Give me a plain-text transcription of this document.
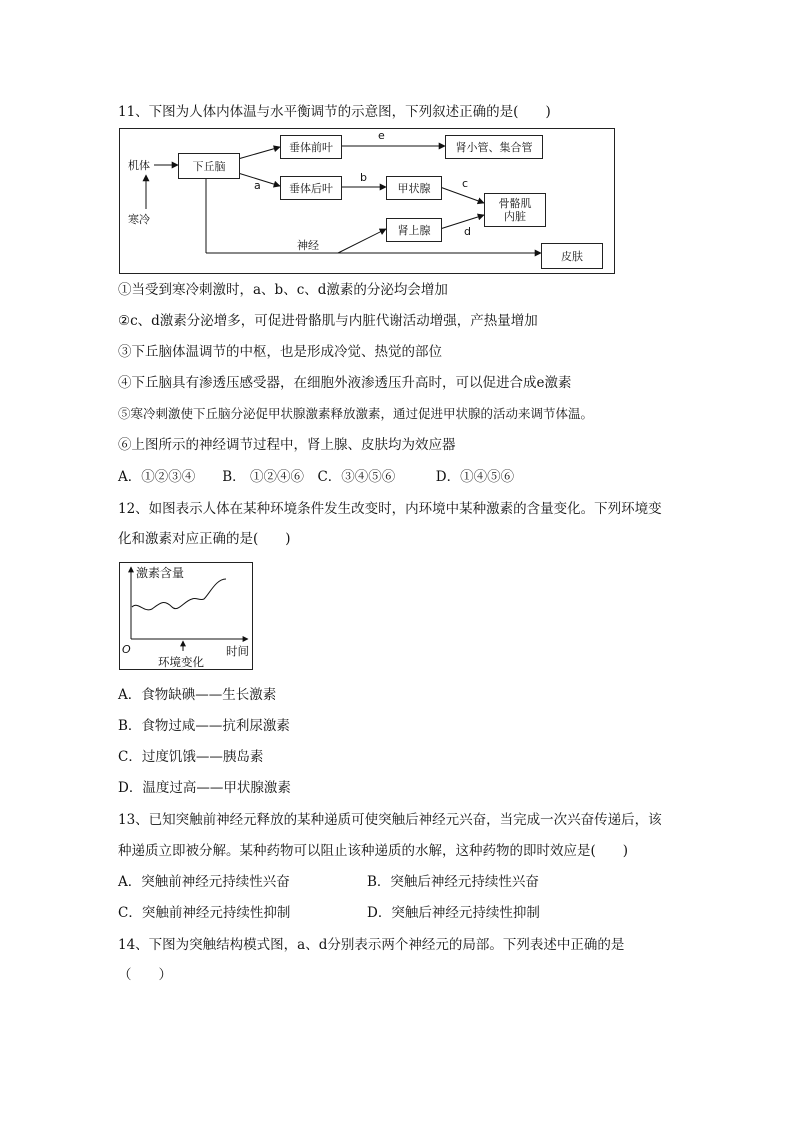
11、下图为人体内体温与水平衡调节的示意图，下列叙述正确的是(　　)
机体
寒冷
下丘脑
垂体前叶
垂体后叶
肾小管、集合管
甲状腺
肾上腺
骨骼肌
内脏
皮肤
神经
a
b	c
d
e
①当受到寒冷刺激时，a、b、c、d激素的分泌均会增加
②c、d激素分泌增多，可促进骨骼肌与内脏代谢活动增强，产热量增加
③下丘脑体温调节的中枢，也是形成冷觉、热觉的部位
④下丘脑具有渗透压感受器，在细胞外液渗透压升高时，可以促进合成e激素
⑤寒冷刺激使下丘脑分泌促甲状腺激素释放激素，通过促进甲状腺的活动来调节体温。
⑥上图所示的神经调节过程中，肾上腺、皮肤均为效应器
A．①②③④　　B． ①②④⑥　C．③④⑤⑥　　　D．①④⑤⑥
12、如图表示人体在某种环境条件发生改变时，内环境中某种激素的含量变化。下列环境变
化和激素对应正确的是(　　)
激素含量
O	时间
环境变化
A．食物缺碘——生长激素
B．食物过咸——抗利尿激素
C．过度饥饿——胰岛素
D．温度过高——甲状腺激素
13、已知突触前神经元释放的某种递质可使突触后神经元兴奋，当完成一次兴奋传递后，该
种递质立即被分解。某种药物可以阻止该种递质的水解，这种药物的即时效应是(　　)
A．突触前神经元持续性兴奋	B．突触后神经元持续性兴奋
C．突触前神经元持续性抑制	D．突触后神经元持续性抑制
14、下图为突触结构模式图，a、d分别表示两个神经元的局部。下列表述中正确的是
（　　）
